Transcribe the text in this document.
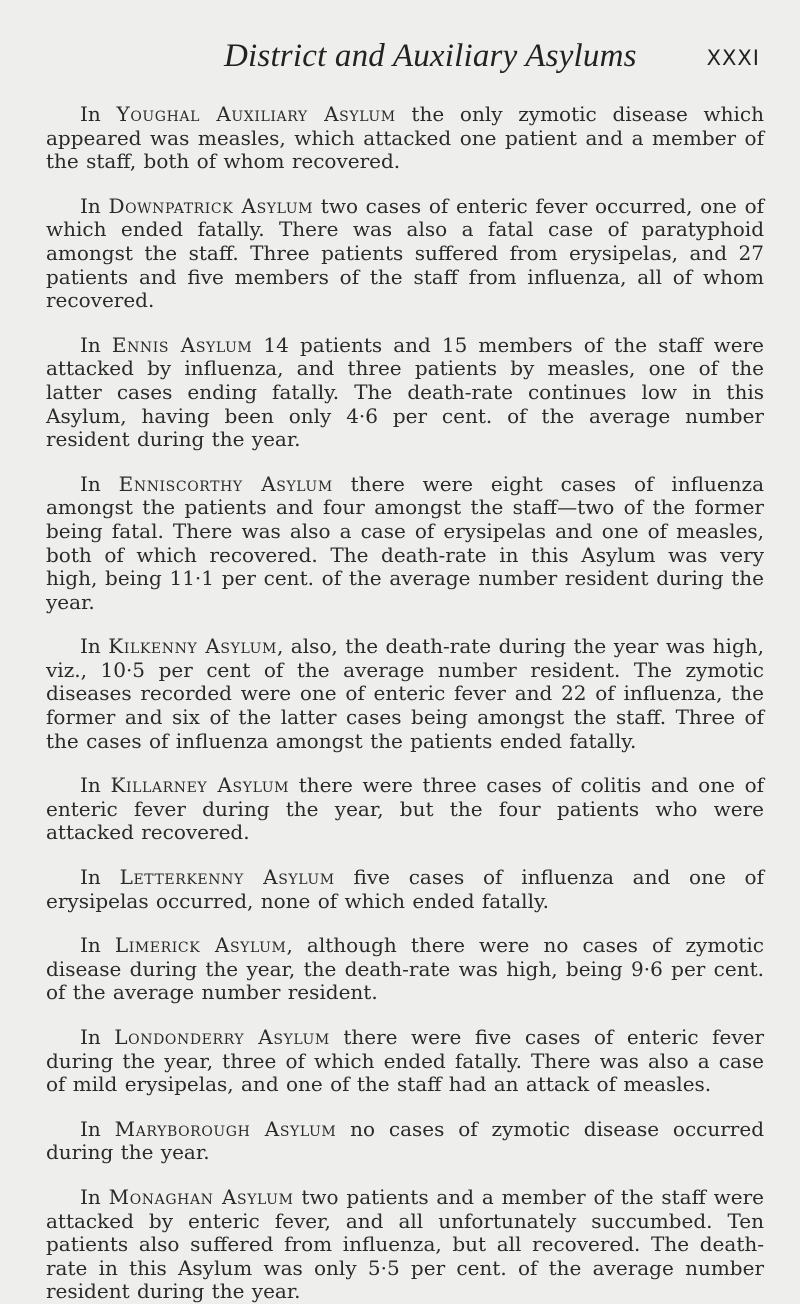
District and Auxiliary Asylums	XXXI

In Youghal Auxiliary Asylum the only zymotic disease which appeared was measles, which attacked one patient and a member of the staff, both of whom recovered.

In Downpatrick Asylum two cases of enteric fever occurred, one of which ended fatally. There was also a fatal case of paratyphoid amongst the staff. Three patients suffered from erysipelas, and 27 patients and five members of the staff from influenza, all of whom recovered.

In Ennis Asylum 14 patients and 15 members of the staff were attacked by influenza, and three patients by measles, one of the latter cases ending fatally. The death-rate continues low in this Asylum, having been only 4·6 per cent. of the average number resident during the year.

In Enniscorthy Asylum there were eight cases of influenza amongst the patients and four amongst the staff—two of the former being fatal. There was also a case of erysipelas and one of measles, both of which recovered. The death-rate in this Asylum was very high, being 11·1 per cent. of the average number resident during the year.

In Kilkenny Asylum, also, the death-rate during the year was high, viz., 10·5 per cent of the average number resident. The zymotic diseases recorded were one of enteric fever and 22 of influenza, the former and six of the latter cases being amongst the staff. Three of the cases of influenza amongst the patients ended fatally.

In Killarney Asylum there were three cases of colitis and one of enteric fever during the year, but the four patients who were attacked recovered.

In Letterkenny Asylum five cases of influenza and one of erysipelas occurred, none of which ended fatally.

In Limerick Asylum, although there were no cases of zymotic disease during the year, the death-rate was high, being 9·6 per cent. of the average number resident.

In Londonderry Asylum there were five cases of enteric fever during the year, three of which ended fatally. There was also a case of mild erysipelas, and one of the staff had an attack of measles.

In Maryborough Asylum no cases of zymotic disease occurred during the year.

In Monaghan Asylum two patients and a member of the staff were attacked by enteric fever, and all unfortunately succumbed. Ten patients also suffered from influenza, but all recovered. The death-rate in this Asylum was only 5·5 per cent. of the average number resident during the year.
